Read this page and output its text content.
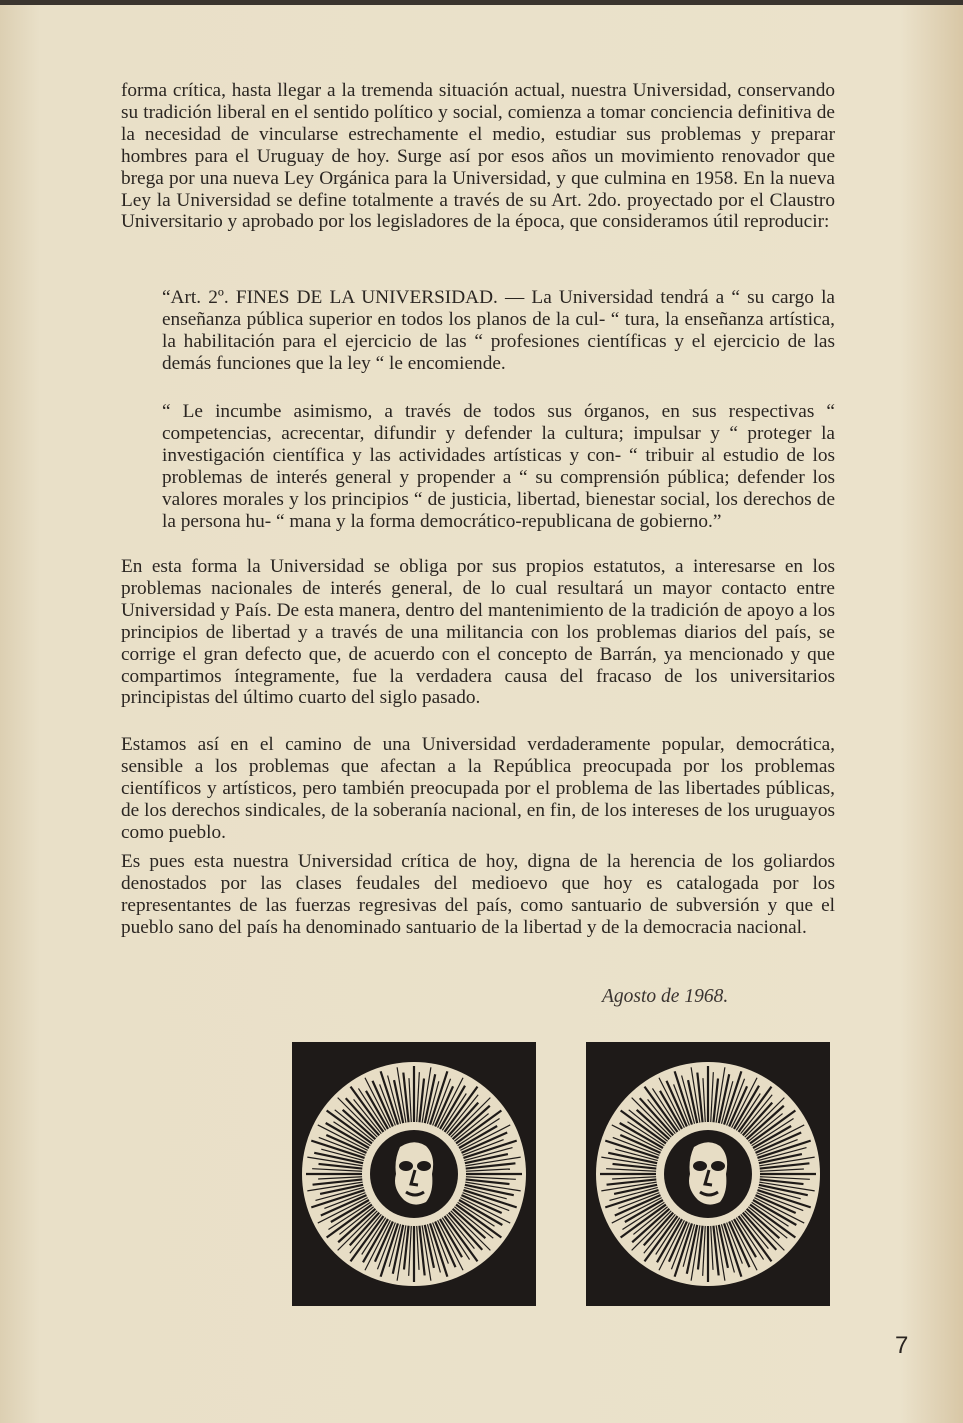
forma crítica, hasta llegar a la tremenda situación actual, nuestra Universidad, conservando su tradición liberal en el sentido político y social, comienza a tomar conciencia definitiva de la necesidad de vincularse estrechamente el medio, estudiar sus problemas y preparar hombres para el Uruguay de hoy. Surge así por esos años un movimiento renovador que brega por una nueva Ley Orgánica para la Universidad, y que culmina en 1958. En la nueva Ley la Universidad se define totalmente a través de su Art. 2do. proyectado por el Claustro Universitario y aprobado por los legisladores de la época, que consideramos útil reproducir:

“Art. 2º. FINES DE LA UNIVERSIDAD. — La Universidad tendrá a “ su cargo la enseñanza pública superior en todos los planos de la cul- “ tura, la enseñanza artística, la habilitación para el ejercicio de las “ profesiones científicas y el ejercicio de las demás funciones que la ley “ le encomiende.

“ Le incumbe asimismo, a través de todos sus órganos, en sus respectivas “ competencias, acrecentar, difundir y defender la cultura; impulsar y “ proteger la investigación científica y las actividades artísticas y con- “ tribuir al estudio de los problemas de interés general y propender a “ su comprensión pública; defender los valores morales y los principios “ de justicia, libertad, bienestar social, los derechos de la persona hu- “ mana y la forma democrático-republicana de gobierno.”

En esta forma la Universidad se obliga por sus propios estatutos, a interesarse en los problemas nacionales de interés general, de lo cual resultará un mayor contacto entre Universidad y País. De esta manera, dentro del mantenimiento de la tradición de apoyo a los principios de libertad y a través de una militancia con los problemas diarios del país, se corrige el gran defecto que, de acuerdo con el concepto de Barrán, ya mencionado y que compartimos íntegramente, fue la verdadera causa del fracaso de los universitarios principistas del último cuarto del siglo pasado.

Estamos así en el camino de una Universidad verdaderamente popular, democrática, sensible a los problemas que afectan a la República preocupada por los problemas científicos y artísticos, pero también preocupada por el problema de las libertades públicas, de los derechos sindicales, de la soberanía nacional, en fin, de los intereses de los uruguayos como pueblo.

Es pues esta nuestra Universidad crítica de hoy, digna de la herencia de los goliardos denostados por las clases feudales del medioevo que hoy es catalogada por los representantes de las fuerzas regresivas del país, como santuario de subversión y que el pueblo sano del país ha denominado santuario de la libertad y de la democracia nacional.

Agosto de 1968.
7
